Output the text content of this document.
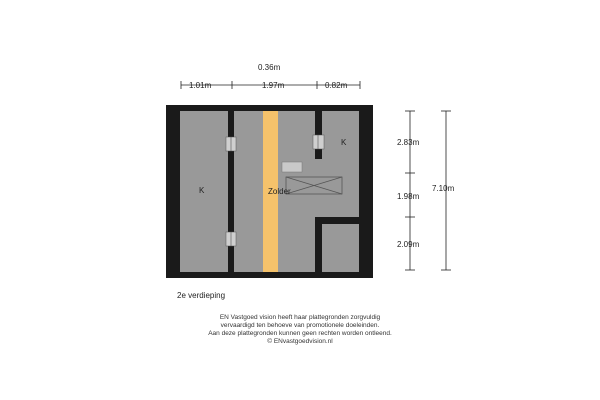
K
K
Zolder
0.36m
1.01m	1.97m	0.82m
2.83m
1.98m
2.09m
7.10m
2e verdieping
EN Vastgoed vision heeft haar plattegronden zorgvuldig
vervaardigd ten behoeve van promotionele doeleinden.
Aan deze plattegronden kunnen geen rechten worden ontleend.
© ENvastgoedvision.nl
